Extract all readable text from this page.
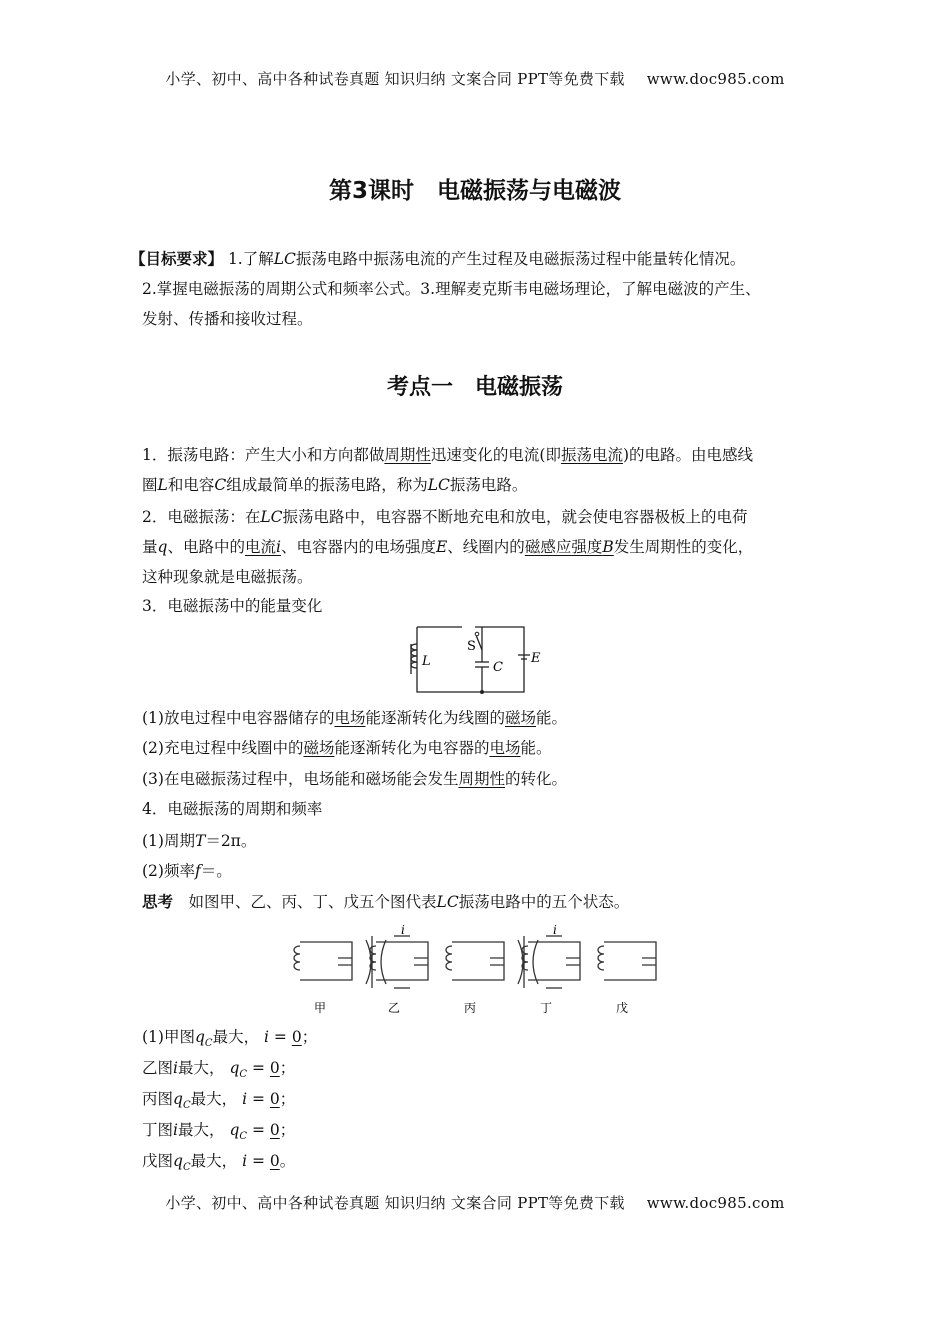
小学、初中、高中各种试卷真题 知识归纳 文案合同 PPT等免费下载 www.doc985.com
第3课时　电磁振荡与电磁波
【目标要求】 1.了解LC振荡电路中振荡电流的产生过程及电磁振荡过程中能量转化情况。
2.掌握电磁振荡的周期公式和频率公式。3.理解麦克斯韦电磁场理论，了解电磁波的产生、
发射、传播和接收过程。
考点一　电磁振荡
1．振荡电路：产生大小和方向都做周期性迅速变化的电流(即振荡电流)的电路。由电感线
圈L和电容C组成最简单的振荡电路，称为LC振荡电路。
2．电磁振荡：在LC振荡电路中，电容器不断地充电和放电，就会使电容器极板上的电荷
量q、电路中的电流i、电容器内的电场强度E、线圈内的磁感应强度B发生周期性的变化，
这种现象就是电磁振荡。
3．电磁振荡中的能量变化
L
S
C
E
(1)放电过程中电容器储存的电场能逐渐转化为线圈的磁场能。
(2)充电过程中线圈中的磁场能逐渐转化为电容器的电场能。
(3)在电磁振荡过程中，电场能和磁场能会发生周期性的转化。
4．电磁振荡的周期和频率
(1)周期T＝2π。
(2)频率f＝。
思考　如图甲、乙、丙、丁、戊五个图代表LC振荡电路中的五个状态。
i	i
甲	乙	丙	丁	戊
(1)甲图$q_C$最大， i = 0；
乙图i最大， $q_C = 0$；
丙图$q_C$最大， i = 0；
丁图i最大， $q_C = 0$；
戊图$q_C$最大， i = 0。
小学、初中、高中各种试卷真题 知识归纳 文案合同 PPT等免费下载 www.doc985.com
